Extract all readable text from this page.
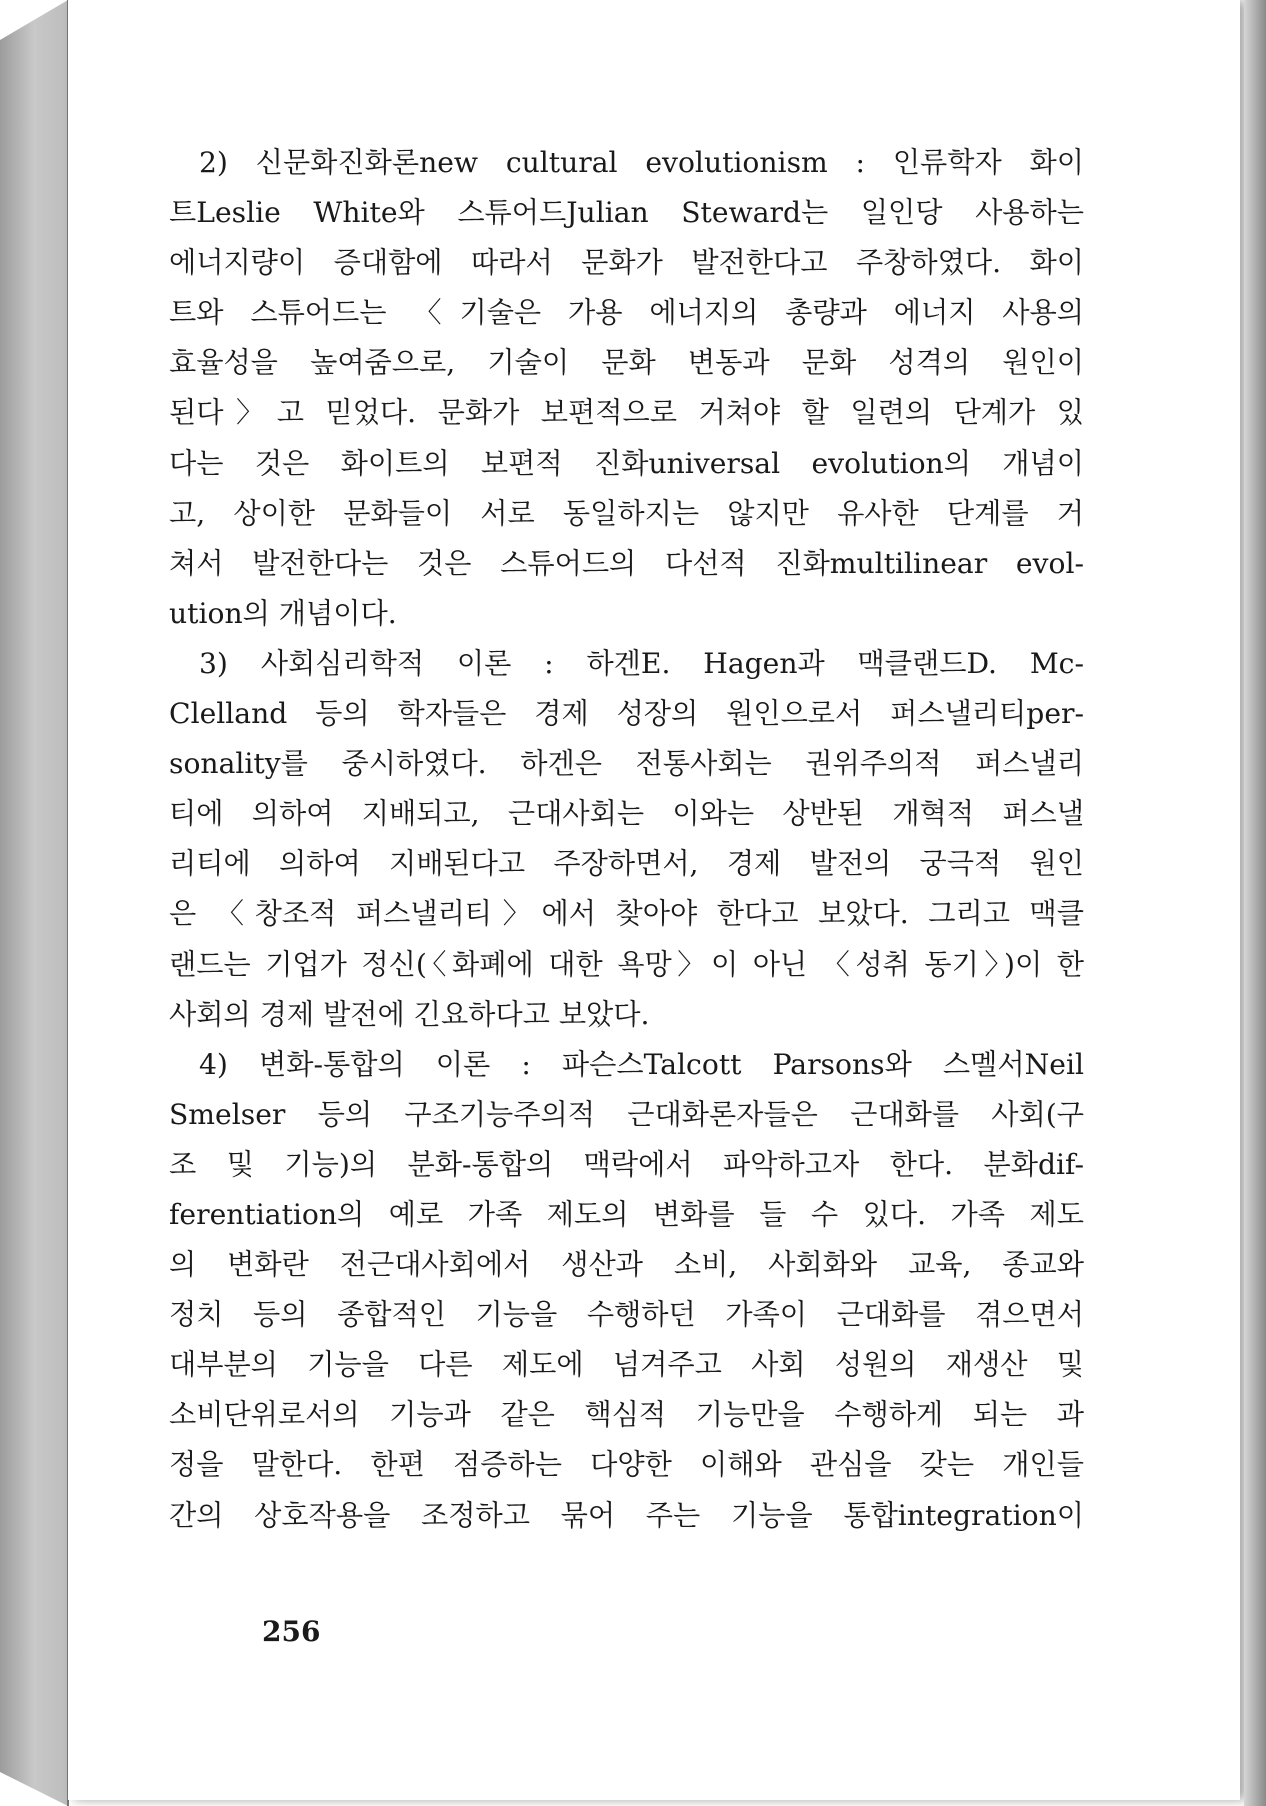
2) 신문화진화론new cultural evolutionism : 인류학자 화이
트Leslie White와 스튜어드Julian Steward는 일인당 사용하는
에너지량이 증대함에 따라서 문화가 발전한다고 주창하였다. 화이
트와 스튜어드는 〈기술은 가용 에너지의 총량과 에너지 사용의
효율성을 높여줌으로, 기술이 문화 변동과 문화 성격의 원인이
된다〉고 믿었다. 문화가 보편적으로 거쳐야 할 일련의 단계가 있
다는 것은 화이트의 보편적 진화universal evolution의 개념이
고, 상이한 문화들이 서로 동일하지는 않지만 유사한 단계를 거
쳐서 발전한다는 것은 스튜어드의 다선적 진화multilinear evol-
ution의 개념이다.
3) 사회심리학적 이론 : 하겐E. Hagen과 맥클랜드D. Mc-
Clelland 등의 학자들은 경제 성장의 원인으로서 퍼스낼리티per-
sonality를 중시하였다. 하겐은 전통사회는 권위주의적 퍼스낼리
티에 의하여 지배되고, 근대사회는 이와는 상반된 개혁적 퍼스낼
리티에 의하여 지배된다고 주장하면서, 경제 발전의 궁극적 원인
은 〈창조적 퍼스낼리티〉에서 찾아야 한다고 보았다. 그리고 맥클
랜드는 기업가 정신(〈화폐에 대한 욕망〉이 아닌 〈성취 동기〉)이 한
사회의 경제 발전에 긴요하다고 보았다.
4) 변화-통합의 이론 : 파슨스Talcott Parsons와 스멜서Neil
Smelser 등의 구조기능주의적 근대화론자들은 근대화를 사회(구
조 및 기능)의 분화-통합의 맥락에서 파악하고자 한다. 분화dif-
ferentiation의 예로 가족 제도의 변화를 들 수 있다. 가족 제도
의 변화란 전근대사회에서 생산과 소비, 사회화와 교육, 종교와
정치 등의 종합적인 기능을 수행하던 가족이 근대화를 겪으면서
대부분의 기능을 다른 제도에 넘겨주고 사회 성원의 재생산 및
소비단위로서의 기능과 같은 핵심적 기능만을 수행하게 되는 과
정을 말한다. 한편 점증하는 다양한 이해와 관심을 갖는 개인들
간의 상호작용을 조정하고 묶어 주는 기능을 통합integration이
256
